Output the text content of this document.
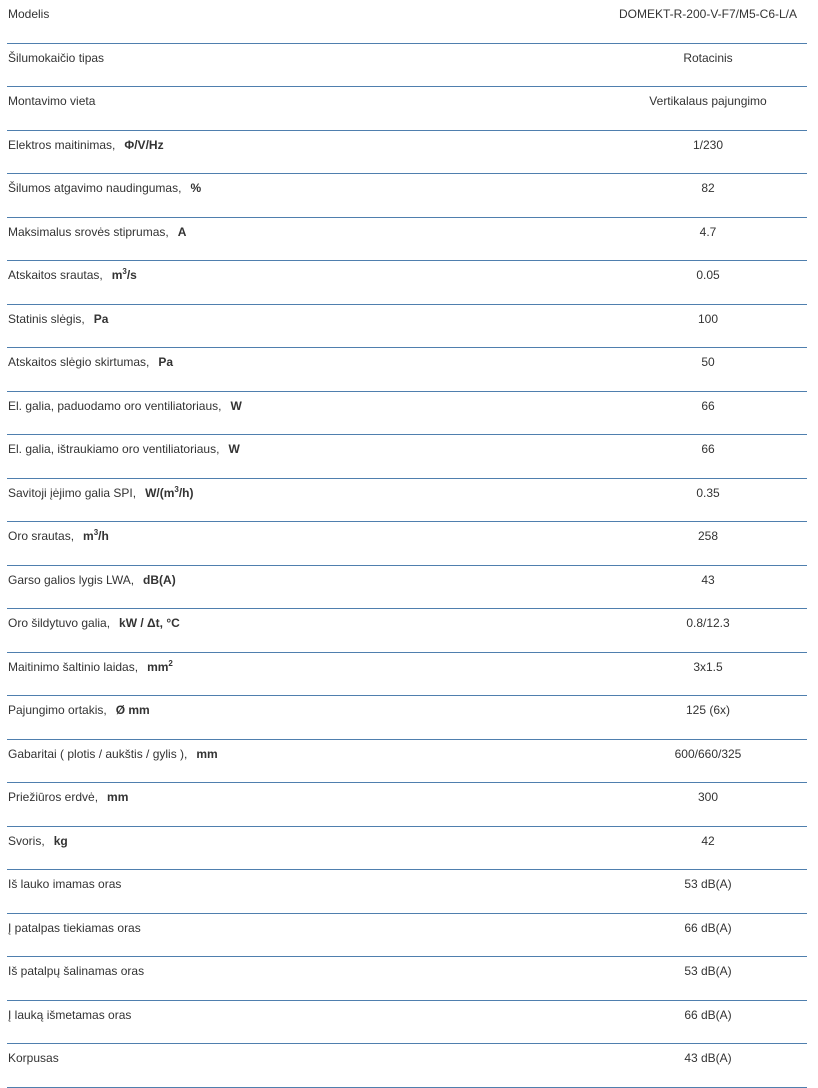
Modelis	DOMEKT-R-200-V-F7/M5-C6-L/A
Šilumokaičio tipas	Rotacinis
Montavimo vieta	Vertikalaus pajungimo
Elektros maitinimas, Φ/V/Hz	1/230
Šilumos atgavimo naudingumas, %	82
Maksimalus srovės stiprumas, A	4.7
Atskaitos srautas, $m^3/s$	0.05
Statinis slėgis, Pa	100
Atskaitos slėgio skirtumas, Pa	50
El. galia, paduodamo oro ventiliatoriaus, W	66
El. galia, ištraukiamo oro ventiliatoriaus, W	66
Savitoji įėjimo galia SPI, $W/(m^3/h)$	0.35
Oro srautas, $m^3/h$	258
Garso galios lygis LWA, dB(A)	43
Oro šildytuvo galia, kW / Δt, °C	0.8/12.3
Maitinimo šaltinio laidas, $mm^2$	3x1.5
Pajungimo ortakis, Ø mm	125 (6x)
Gabaritai ( plotis / aukštis / gylis ), mm	600/660/325
Priežiūros erdvė, mm	300
Svoris, kg	42
Iš lauko imamas oras	53 dB(A)
Į patalpas tiekiamas oras	66 dB(A)
Iš patalpų šalinamas oras	53 dB(A)
Į lauką išmetamas oras	66 dB(A)
Korpusas	43 dB(A)
